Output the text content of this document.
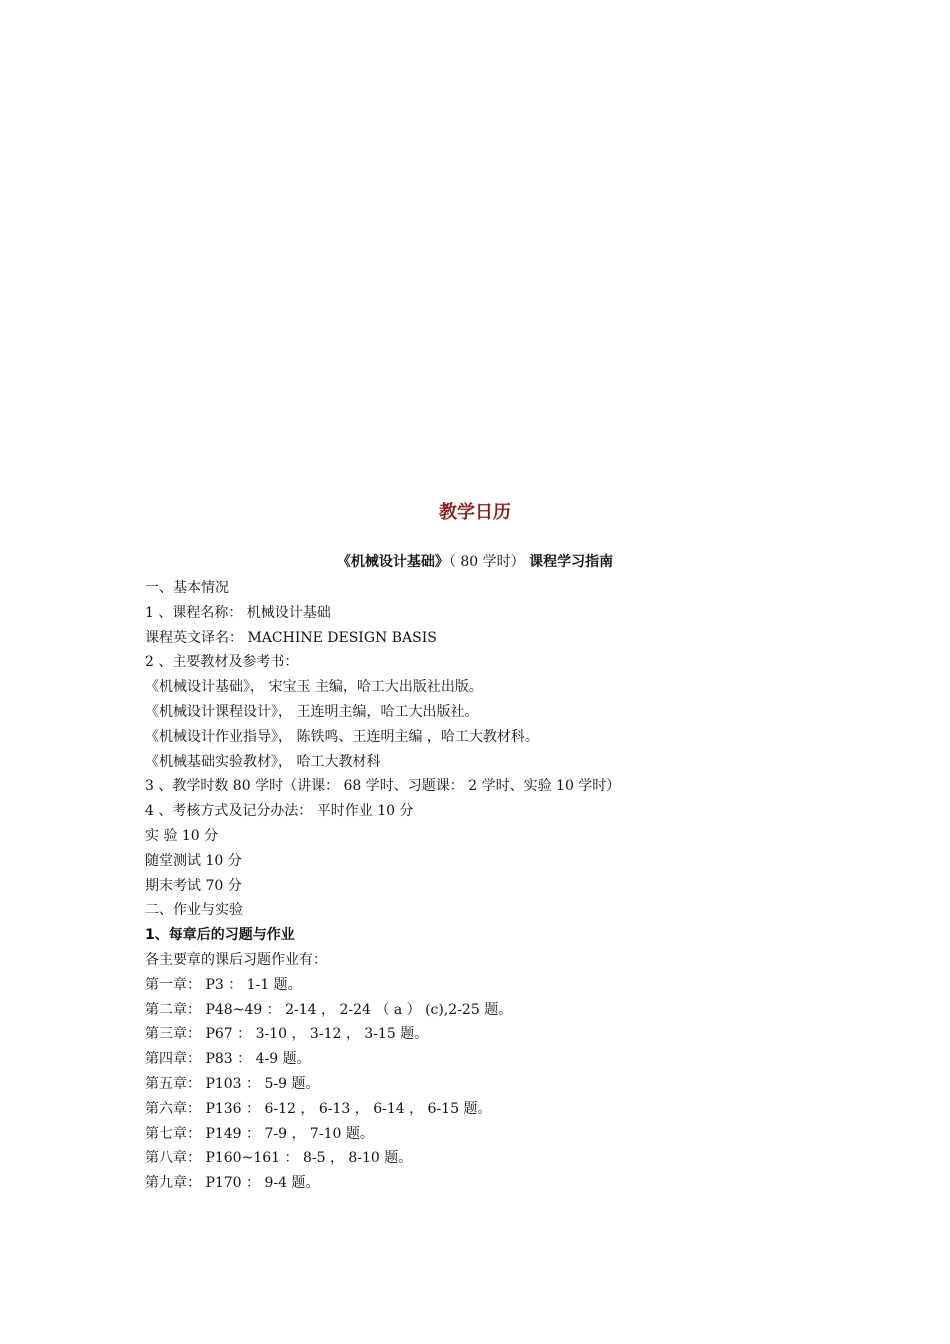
教学日历
《机械设计基础》（ 80 学时） 课程学习指南
一、基本情况
1 、课程名称： 机械设计基础
课程英文译名： MACHINE DESIGN BASIS
2 、主要教材及参考书：
《机械设计基础》， 宋宝玉 主编，哈工大出版社出版。
《机械设计课程设计》， 王连明主编，哈工大出版社。
《机械设计作业指导》， 陈铁鸣、王连明主编 ，哈工大教材科。
《机械基础实验教材》， 哈工大教材科
3 、教学时数 80 学时（讲课： 68 学时、习题课： 2 学时、实验 10 学时）
4 、考核方式及记分办法： 平时作业 10 分
实 验 10 分
随堂测试 10 分
期末考试 70 分
二、作业与实验
1、每章后的习题与作业
各主要章的课后习题作业有：
第一章： P3 ： 1-1 题。
第二章： P48~49 ： 2-14 ， 2-24 （ a ） (c),2-25 题。
第三章： P67 ： 3-10 ， 3-12 ， 3-15 题。
第四章： P83 ： 4-9 题。
第五章： P103 ： 5-9 题。
第六章： P136 ： 6-12 ， 6-13 ， 6-14 ， 6-15 题。
第七章： P149 ： 7-9 ， 7-10 题。
第八章： P160~161 ： 8-5 ， 8-10 题。
第九章： P170 ： 9-4 题。
